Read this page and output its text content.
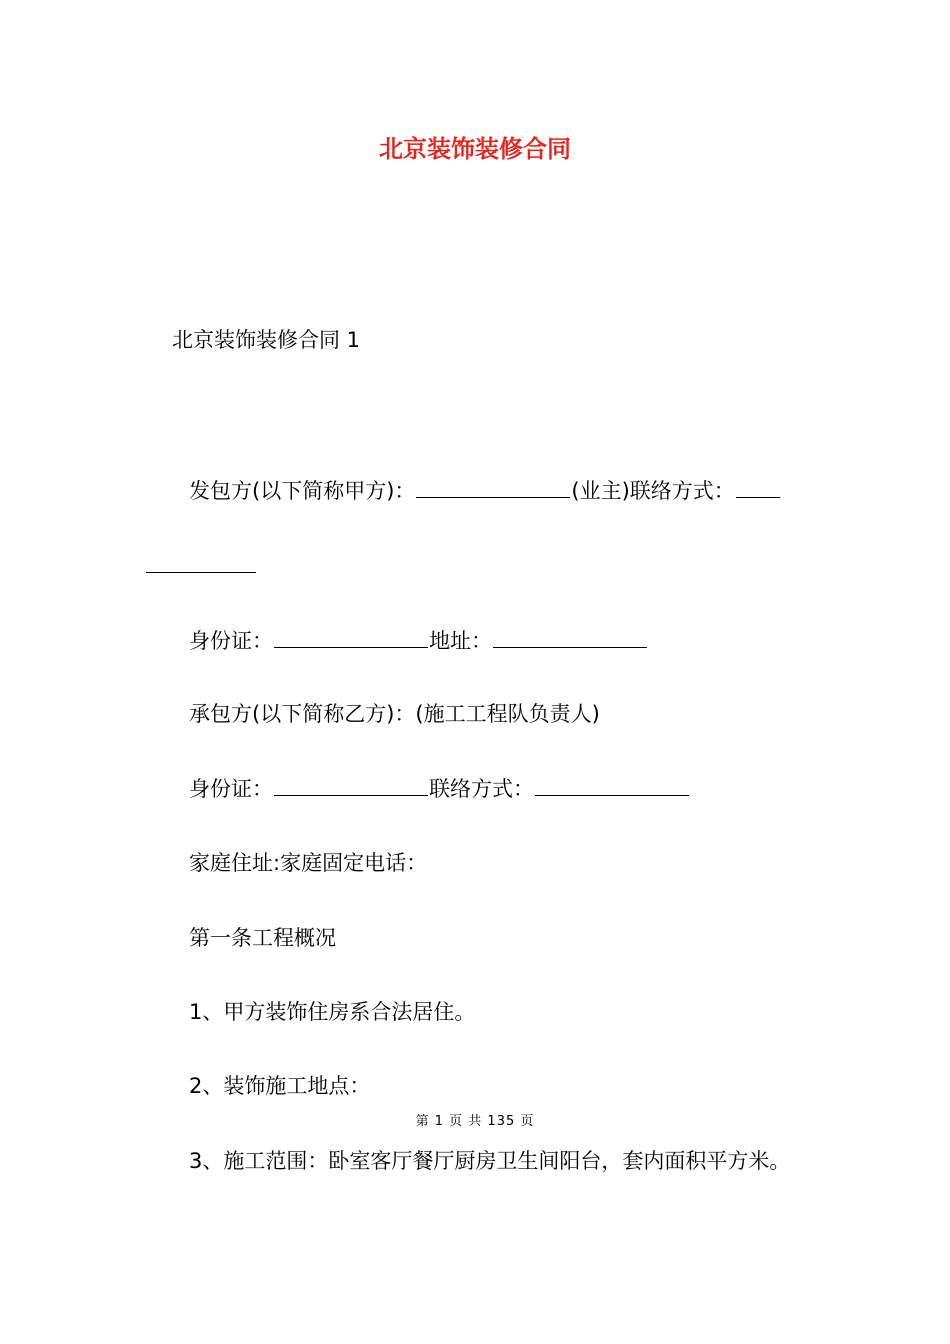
北京装饰装修合同
北京装饰装修合同 1
发包方(以下简称甲方)：	(业主)联络方式：
身份证：	地址：
承包方(以下简称乙方)：(施工工程队负责人)
身份证：	联络方式：
家庭住址:家庭固定电话：
第一条工程概况
1、甲方装饰住房系合法居住。
2、装饰施工地点：
第 1 页 共 135 页
3、施工范围：卧室客厅餐厅厨房卫生间阳台，套内面积平方米。
